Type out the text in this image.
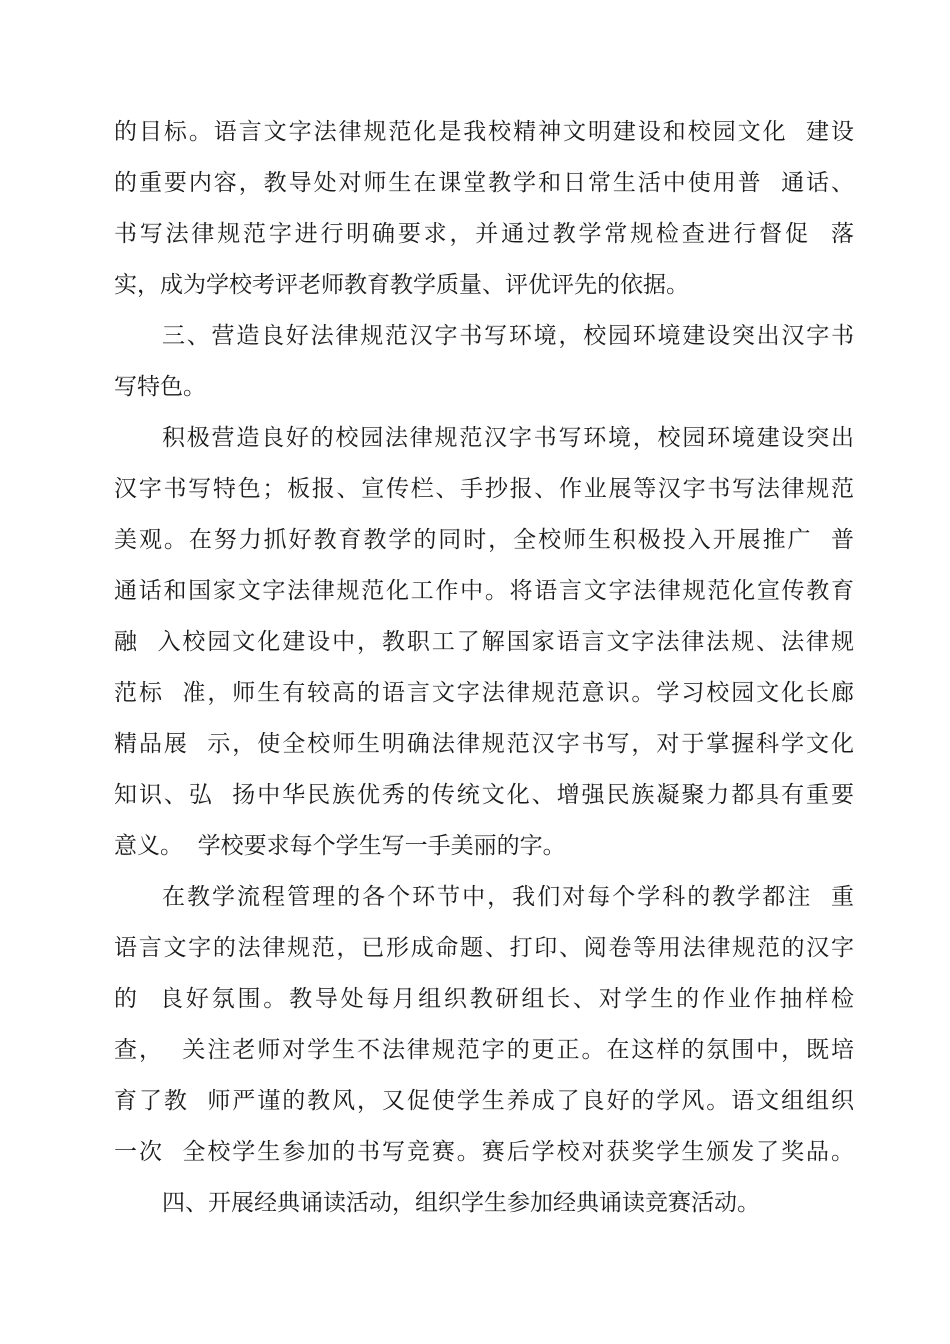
的目标。语言文字法律规范化是我校精神文明建设和校园文化  建设
的重要内容，教导处对师生在课堂教学和日常生活中使用普  通话、
书写法律规范字进行明确要求，并通过教学常规检查进行督促  落
实，成为学校考评老师教育教学质量、评优评先的依据。
三、营造良好法律规范汉字书写环境，校园环境建设突出汉字书
写特色。
积极营造良好的校园法律规范汉字书写环境，校园环境建设突出
汉字书写特色；板报、宣传栏、手抄报、作业展等汉字书写法律规范
美观。在努力抓好教育教学的同时，全校师生积极投入开展推广  普
通话和国家文字法律规范化工作中。将语言文字法律规范化宣传教育
融  入校园文化建设中，教职工了解国家语言文字法律法规、法律规
范标  准，师生有较高的语言文字法律规范意识。学习校园文化长廊
精品展  示，使全校师生明确法律规范汉字书写，对于掌握科学文化
知识、弘  扬中华民族优秀的传统文化、增强民族凝聚力都具有重要
意义。  学校要求每个学生写一手美丽的字。
在教学流程管理的各个环节中，我们对每个学科的教学都注  重
语言文字的法律规范，已形成命题、打印、阅卷等用法律规范的汉字
的  良好氛围。教导处每月组织教研组长、对学生的作业作抽样检
查，  关注老师对学生不法律规范字的更正。在这样的氛围中，既培
育了教  师严谨的教风，又促使学生养成了良好的学风。语文组组织
一次  全校学生参加的书写竞赛。赛后学校对获奖学生颁发了奖品。
四、开展经典诵读活动，组织学生参加经典诵读竞赛活动。
